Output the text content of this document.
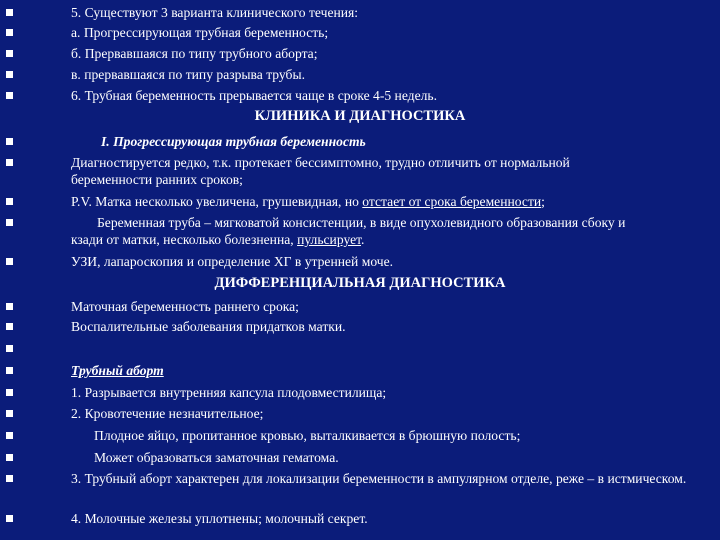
5. Существуют 3 варианта клинического течения:
а. Прогрессирующая трубная беременность;
б. Прервавшаяся по типу трубного аборта;
в. прервавшаяся по типу разрыва трубы.
6. Трубная беременность прерывается чаще в сроке 4-5 недель.
КЛИНИКА И ДИАГНОСТИКА
I. Прогрессирующая трубная беременность
Диагностируется редко, т.к. протекает бессимптомно, трудно отличить от нормальной беременности ранних сроков;
P.V. Матка несколько увеличена, грушевидная, но отстает от срока беременности;
Беременная труба – мягковатой консистенции, в виде опухолевидного образования сбоку и кзади от матки, несколько болезненна, пульсирует.
УЗИ, лапароскопия и определение ХГ в утренней моче.
ДИФФЕРЕНЦИАЛЬНАЯ ДИАГНОСТИКА
Маточная беременность раннего срока;
Воспалительные заболевания придатков матки.
Трубный аборт
1. Разрывается внутренняя капсула плодовместилища;
2. Кровотечение незначительное;
Плодное яйцо, пропитанное кровью, выталкивается в брюшную полость;
Может образоваться заматочная гематома.
3. Трубный аборт характерен для локализации беременности в ампулярном отделе, реже – в истмическом.
4. Молочные железы уплотнены; молочный секрет.
